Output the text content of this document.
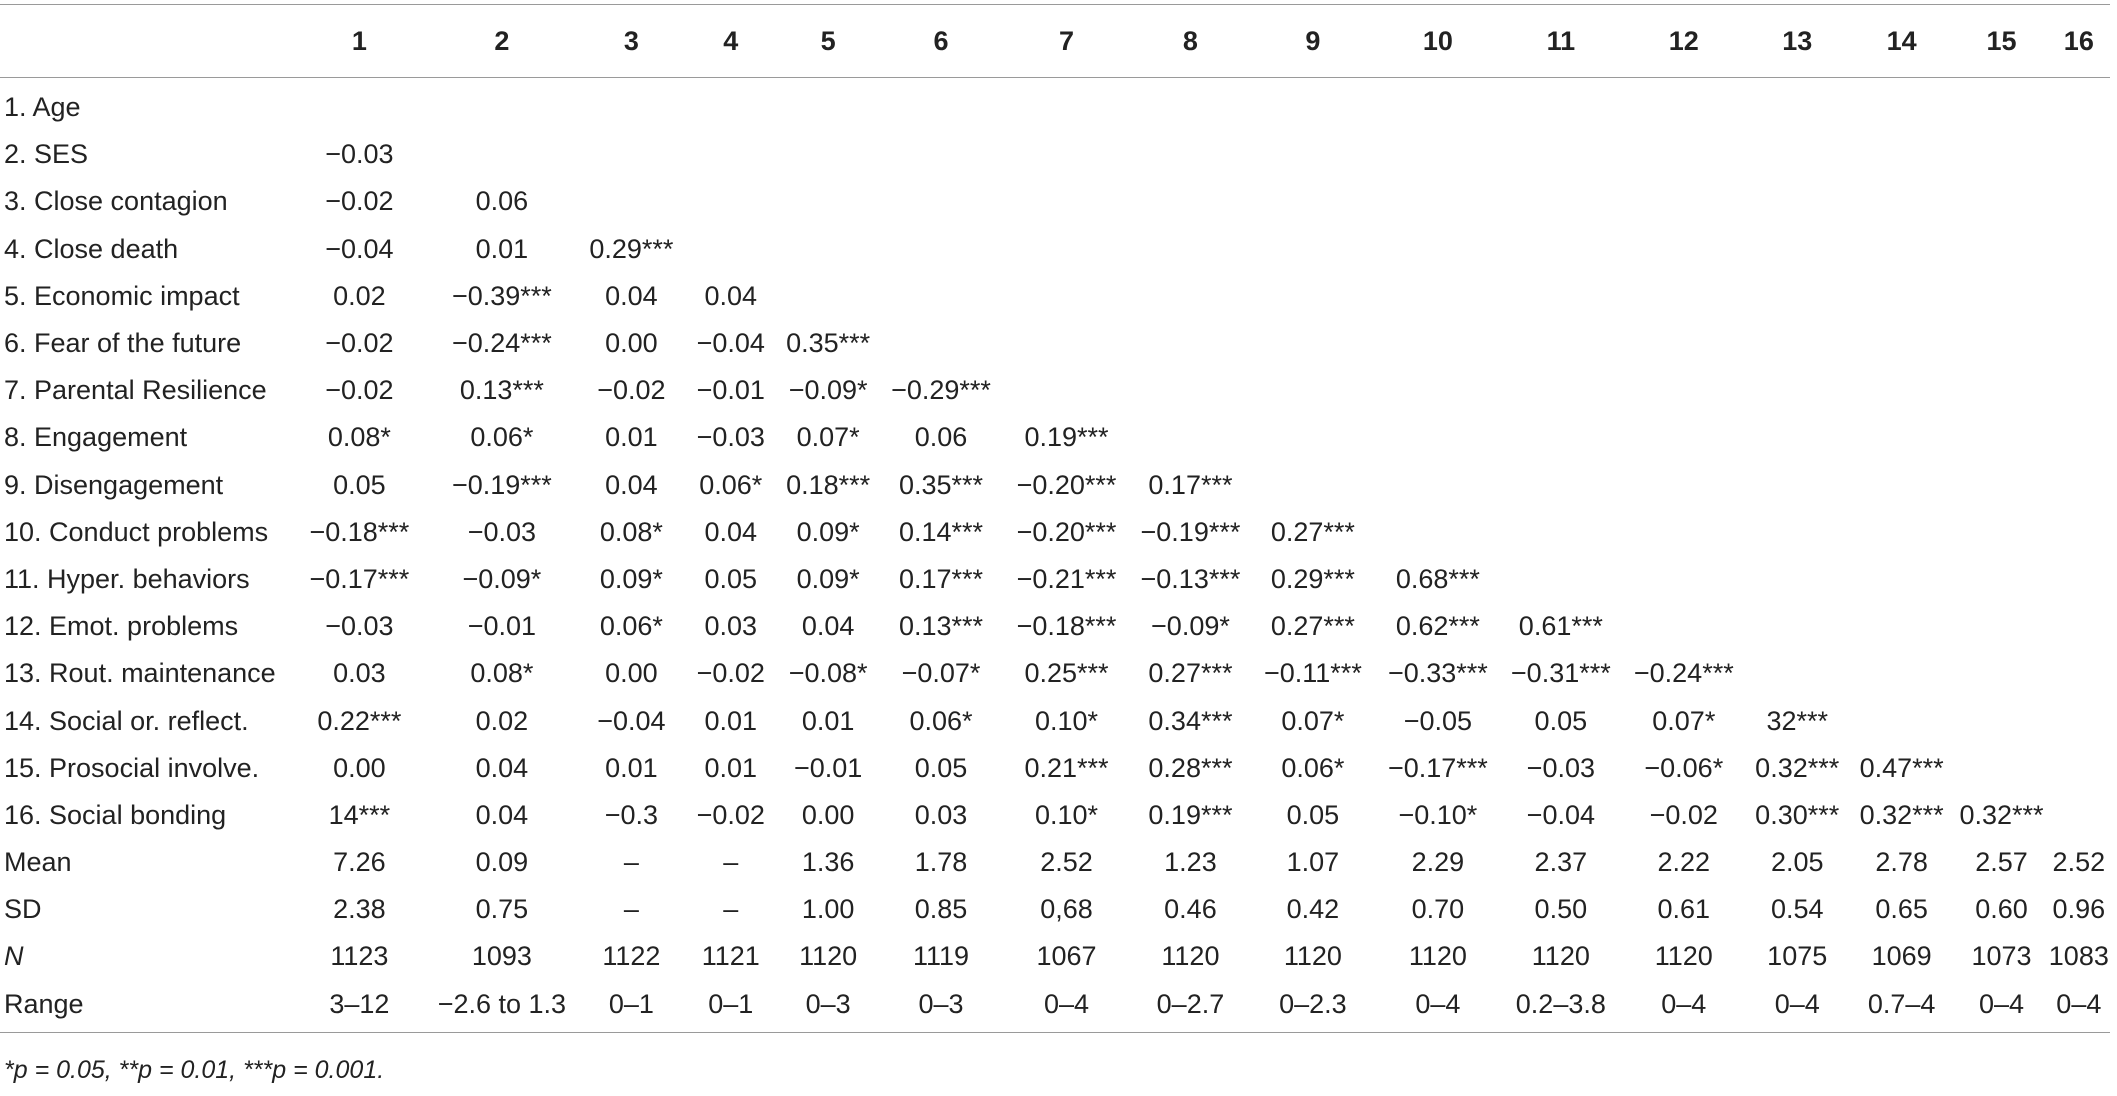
	1	2	3	4	5	6	7	8	9	10	11	12	13	14	15	16
1. Age																
2. SES	−0.03															
3. Close contagion	−0.02	0.06														
4. Close death	−0.04	0.01	0.29***													
5. Economic impact	0.02	−0.39***	0.04	0.04												
6. Fear of the future	−0.02	−0.24***	0.00	−0.04	0.35***											
7. Parental Resilience	−0.02	0.13***	−0.02	−0.01	−0.09*	−0.29***										
8. Engagement	0.08*	0.06*	0.01	−0.03	0.07*	0.06	0.19***									
9. Disengagement	0.05	−0.19***	0.04	0.06*	0.18***	0.35***	−0.20***	0.17***								
10. Conduct problems	−0.18***	−0.03	0.08*	0.04	0.09*	0.14***	−0.20***	−0.19***	0.27***							
11. Hyper. behaviors	−0.17***	−0.09*	0.09*	0.05	0.09*	0.17***	−0.21***	−0.13***	0.29***	0.68***						
12. Emot. problems	−0.03	−0.01	0.06*	0.03	0.04	0.13***	−0.18***	−0.09*	0.27***	0.62***	0.61***					
13. Rout. maintenance	0.03	0.08*	0.00	−0.02	−0.08*	−0.07*	0.25***	0.27***	−0.11***	−0.33***	−0.31***	−0.24***				
14. Social or. reflect.	0.22***	0.02	−0.04	0.01	0.01	0.06*	0.10*	0.34***	0.07*	−0.05	0.05	0.07*	32***			
15. Prosocial involve.	0.00	0.04	0.01	0.01	−0.01	0.05	0.21***	0.28***	0.06*	−0.17***	−0.03	−0.06*	0.32***	0.47***		
16. Social bonding	14***	0.04	−0.3	−0.02	0.00	0.03	0.10*	0.19***	0.05	−0.10*	−0.04	−0.02	0.30***	0.32***	0.32***	
Mean	7.26	0.09	–	–	1.36	1.78	2.52	1.23	1.07	2.29	2.37	2.22	2.05	2.78	2.57	2.52
SD	2.38	0.75	–	–	1.00	0.85	0,68	0.46	0.42	0.70	0.50	0.61	0.54	0.65	0.60	0.96
N	1123	1093	1122	1121	1120	1119	1067	1120	1120	1120	1120	1120	1075	1069	1073	1083
Range	3–12	−2.6 to 1.3	0–1	0–1	0–3	0–3	0–4	0–2.7	0–2.3	0–4	0.2–3.8	0–4	0–4	0.7–4	0–4	0–4
*p = 0.05, **p = 0.01, ***p = 0.001.
